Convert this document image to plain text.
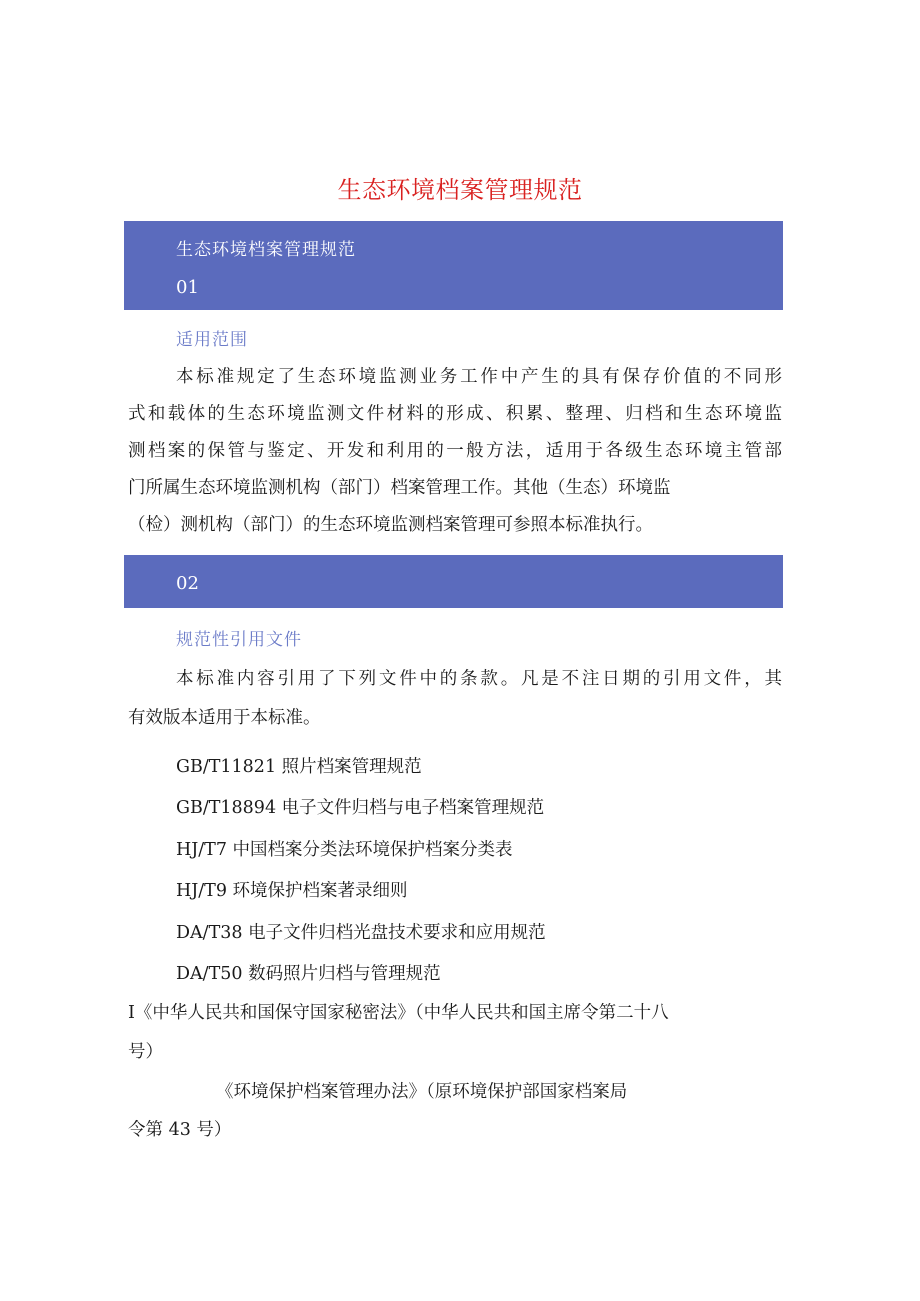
生态环境档案管理规范
生态环境档案管理规范
01
适用范围
本标准规定了生态环境监测业务工作中产生的具有保存价值的不同形
式和载体的生态环境监测文件材料的形成、积累、整理、归档和生态环境监
测档案的保管与鉴定、开发和利用的一般方法，适用于各级生态环境主管部
门所属生态环境监测机构（部门）档案管理工作。其他（生态）环境监
（检）测机构（部门）的生态环境监测档案管理可参照本标准执行。
02
规范性引用文件
本标准内容引用了下列文件中的条款。凡是不注日期的引用文件，其
有效版本适用于本标准。
GB/T11821 照片档案管理规范
GB/T18894 电子文件归档与电子档案管理规范
HJ/T7 中国档案分类法环境保护档案分类表
HJ/T9 环境保护档案著录细则
DA/T38 电子文件归档光盘技术要求和应用规范
DA/T50 数码照片归档与管理规范
I《中华人民共和国保守国家秘密法》（中华人民共和国主席令第二十八
号）
《环境保护档案管理办法》（原环境保护部国家档案局
令第 43 号）
